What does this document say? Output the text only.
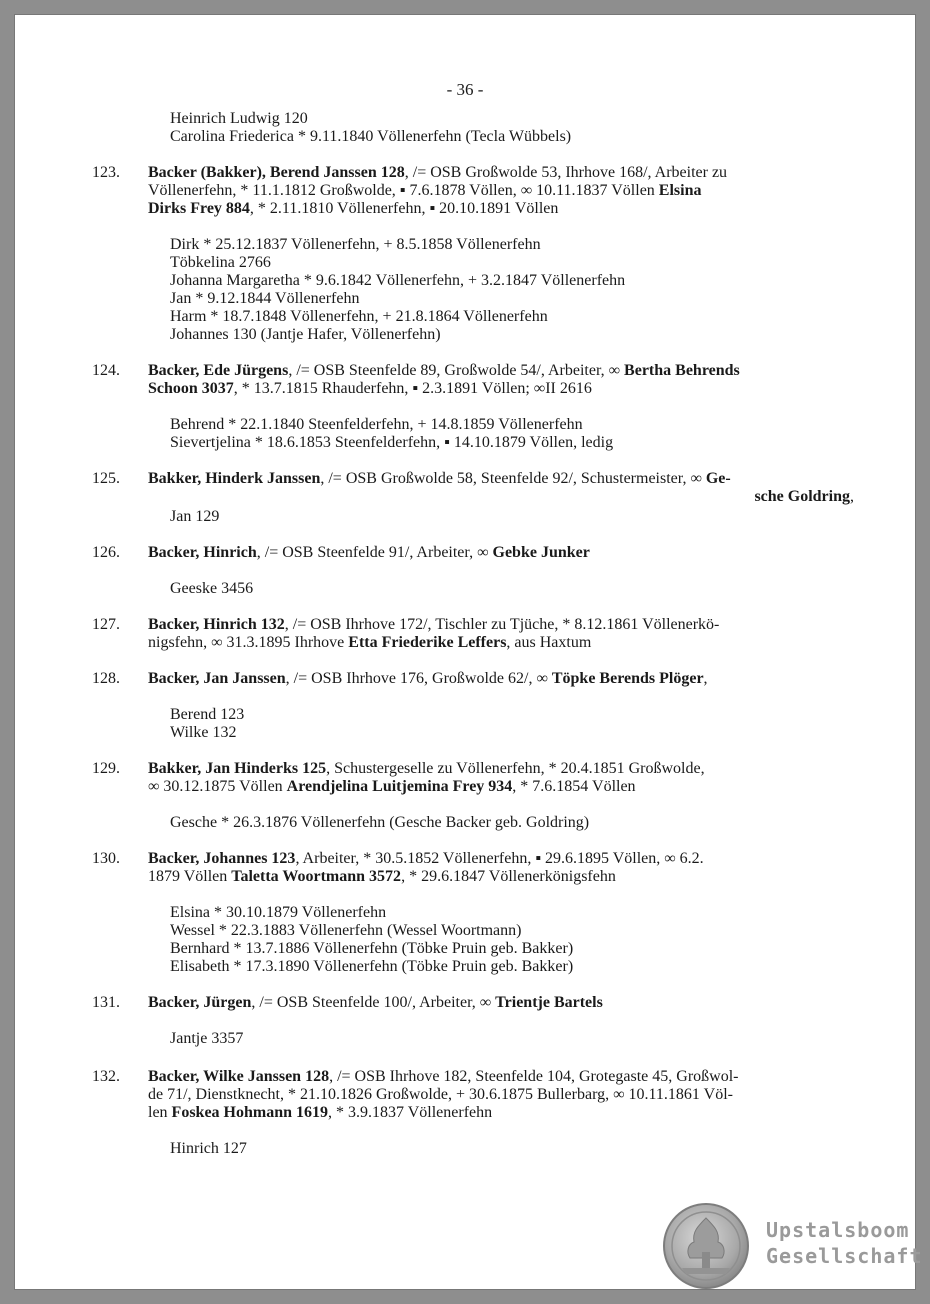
- 36 -
Heinrich Ludwig 120
Carolina Friederica * 9.11.1840 Völlenerfehn (Tecla Wübbels)
123. Backer (Bakker), Berend Janssen 128, /= OSB Großwolde 53, Ihrhove 168/, Arbeiter zu
Völlenerfehn, * 11.1.1812 Großwolde, ▪ 7.6.1878 Völlen, ∞ 10.11.1837 Völlen Elsina
Dirks Frey 884, * 2.11.1810 Völlenerfehn, ▪ 20.10.1891 Völlen
Dirk * 25.12.1837 Völlenerfehn, + 8.5.1858 Völlenerfehn
Töbkelina 2766
Johanna Margaretha * 9.6.1842 Völlenerfehn, + 3.2.1847 Völlenerfehn
Jan * 9.12.1844 Völlenerfehn
Harm * 18.7.1848 Völlenerfehn, + 21.8.1864 Völlenerfehn
Johannes 130 (Jantje Hafer, Völlenerfehn)
124. Backer, Ede Jürgens, /= OSB Steenfelde 89, Großwolde 54/, Arbeiter, ∞ Bertha Behrends
Schoon 3037, * 13.7.1815 Rhauderfehn, ▪ 2.3.1891 Völlen; ∞II 2616
Behrend * 22.1.1840 Steenfelderfehn, + 14.8.1859 Völlenerfehn
Sievertjelina * 18.6.1853 Steenfelderfehn, ▪ 14.10.1879 Völlen, ledig
125. Bakker, Hinderk Janssen, /= OSB Großwolde 58, Steenfelde 92/, Schustermeister, ∞ Ge-
sche Goldring,
Jan 129
126. Backer, Hinrich, /= OSB Steenfelde 91/, Arbeiter, ∞ Gebke Junker
Geeske 3456
127. Backer, Hinrich 132, /= OSB Ihrhove 172/, Tischler zu Tjüche, * 8.12.1861 Völlenerkö-
nigsfehn, ∞ 31.3.1895 Ihrhove Etta Friederike Leffers, aus Haxtum
128. Backer, Jan Janssen, /= OSB Ihrhove 176, Großwolde 62/, ∞ Töpke Berends Plöger,
Berend 123
Wilke 132
129. Bakker, Jan Hinderks 125, Schustergeselle zu Völlenerfehn, * 20.4.1851 Großwolde,
∞ 30.12.1875 Völlen Arendjelina Luitjemina Frey 934, * 7.6.1854 Völlen
Gesche * 26.3.1876 Völlenerfehn (Gesche Backer geb. Goldring)
130. Backer, Johannes 123, Arbeiter, * 30.5.1852 Völlenerfehn, ▪ 29.6.1895 Völlen, ∞ 6.2.
1879 Völlen Taletta Woortmann 3572, * 29.6.1847 Völlenerkönigsfehn
Elsina * 30.10.1879 Völlenerfehn
Wessel * 22.3.1883 Völlenerfehn (Wessel Woortmann)
Bernhard * 13.7.1886 Völlenerfehn (Töbke Pruin geb. Bakker)
Elisabeth * 17.3.1890 Völlenerfehn (Töbke Pruin geb. Bakker)
131. Backer, Jürgen, /= OSB Steenfelde 100/, Arbeiter, ∞ Trientje Bartels
Jantje 3357
132. Backer, Wilke Janssen 128, /= OSB Ihrhove 182, Steenfelde 104, Grotegaste 45, Großwol-
de 71/, Dienstknecht, * 21.10.1826 Großwolde, + 30.6.1875 Bullerbarg, ∞ 10.11.1861 Völ-
len Foskea Hohmann 1619, * 3.9.1837 Völlenerfehn
Hinrich 127
Upstalsboom
Gesellschaft
